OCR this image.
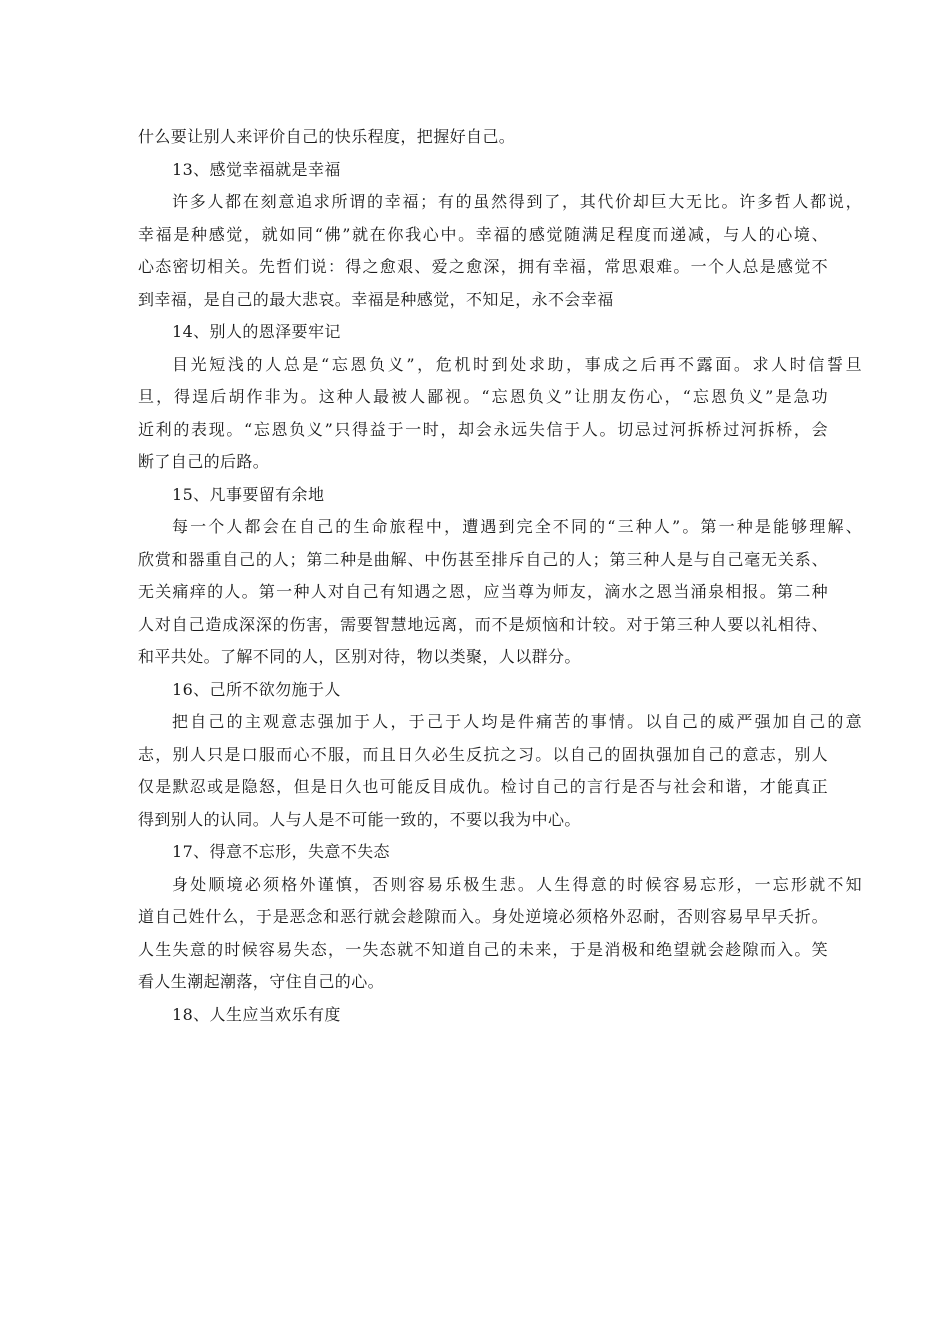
什么要让别人来评价自己的快乐程度，把握好自己。

13、感觉幸福就是幸福

许多人都在刻意追求所谓的幸福；有的虽然得到了，其代价却巨大无比。许多哲人都说，

幸福是种感觉，就如同“佛”就在你我心中。幸福的感觉随满足程度而递减，与人的心境、

心态密切相关。先哲们说：得之愈艰、爱之愈深，拥有幸福，常思艰难。一个人总是感觉不

到幸福，是自己的最大悲哀。幸福是种感觉，不知足，永不会幸福

14、别人的恩泽要牢记

目光短浅的人总是“忘恩负义”，危机时到处求助，事成之后再不露面。求人时信誓旦

旦，得逞后胡作非为。这种人最被人鄙视。“忘恩负义”让朋友伤心，“忘恩负义”是急功

近利的表现。“忘恩负义”只得益于一时，却会永远失信于人。切忌过河拆桥过河拆桥，会

断了自己的后路。

15、凡事要留有余地

每一个人都会在自己的生命旅程中，遭遇到完全不同的“三种人”。第一种是能够理解、

欣赏和器重自己的人；第二种是曲解、中伤甚至排斥自己的人；第三种人是与自己毫无关系、

无关痛痒的人。第一种人对自己有知遇之恩，应当尊为师友，滴水之恩当涌泉相报。第二种

人对自己造成深深的伤害，需要智慧地远离，而不是烦恼和计较。对于第三种人要以礼相待、

和平共处。了解不同的人，区别对待，物以类聚，人以群分。

16、己所不欲勿施于人

把自己的主观意志强加于人，于己于人均是件痛苦的事情。以自己的威严强加自己的意

志，别人只是口服而心不服，而且日久必生反抗之习。以自己的固执强加自己的意志，别人

仅是默忍或是隐怒，但是日久也可能反目成仇。检讨自己的言行是否与社会和谐，才能真正

得到别人的认同。人与人是不可能一致的，不要以我为中心。

17、得意不忘形，失意不失态

身处顺境必须格外谨慎，否则容易乐极生悲。人生得意的时候容易忘形，一忘形就不知

道自己姓什么，于是恶念和恶行就会趁隙而入。身处逆境必须格外忍耐，否则容易早早夭折。

人生失意的时候容易失态，一失态就不知道自己的未来，于是消极和绝望就会趁隙而入。笑

看人生潮起潮落，守住自己的心。

18、人生应当欢乐有度
